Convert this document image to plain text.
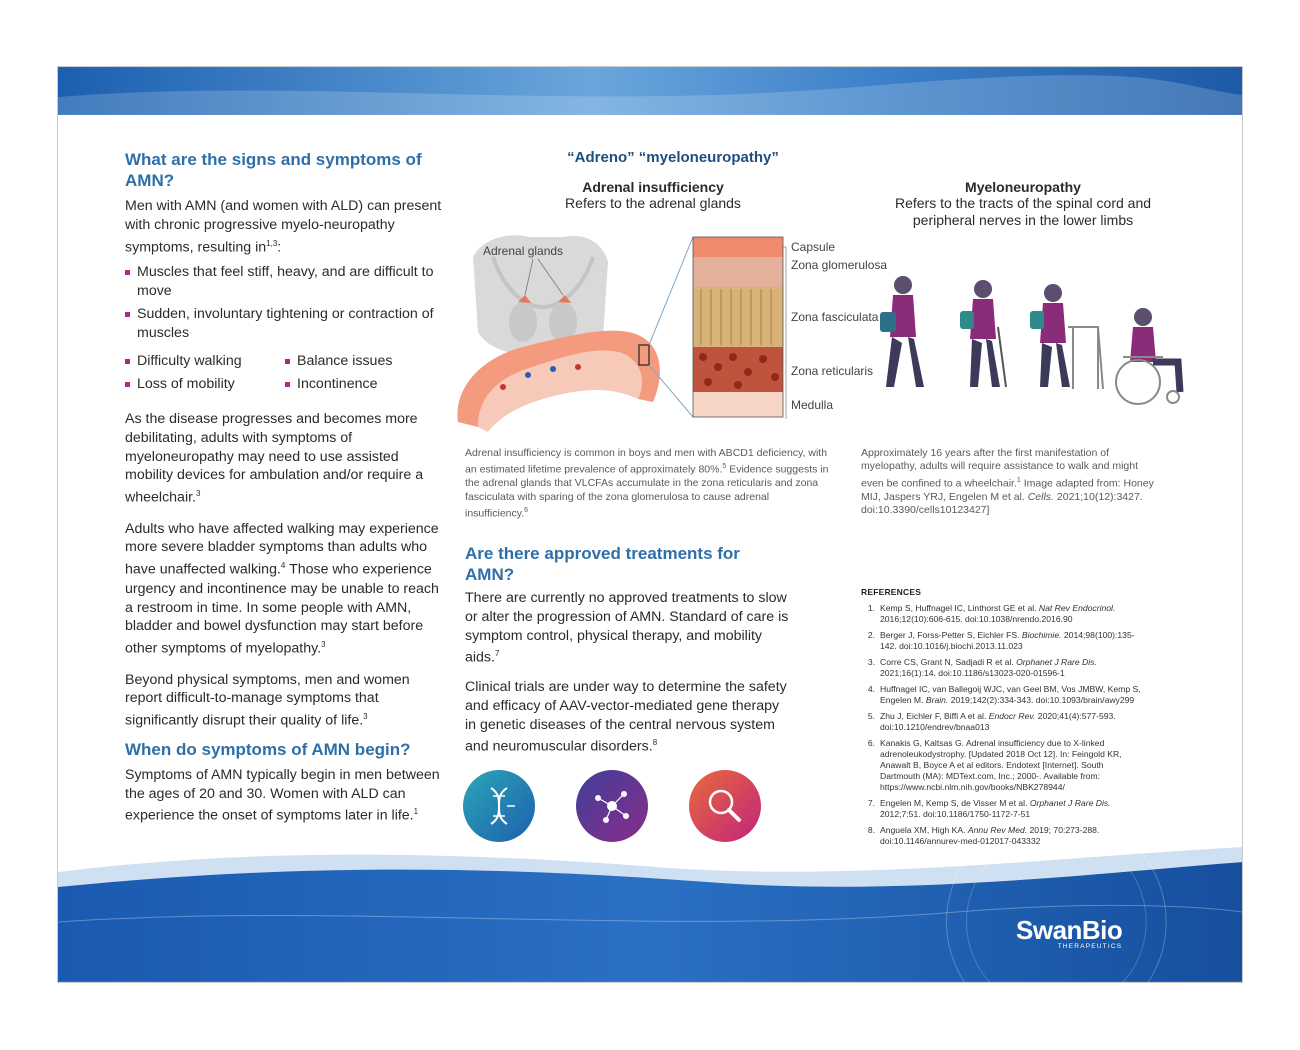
What are the signs and symptoms of AMN?
Men with AMN (and women with ALD) can present with chronic progressive myelo-neuropathy symptoms, resulting in$^{1,3}$:
Muscles that feel stiff, heavy, and are difficult to move
Sudden, involuntary tightening or contraction of muscles
Difficulty walking	Balance issues
Loss of mobility	Incontinence

As the disease progresses and becomes more debilitating, adults with symptoms of myeloneuropathy may need to use assisted mobility devices for ambulation and/or require a wheelchair.$^3$

Adults who have affected walking may experience more severe bladder symptoms than adults who have unaffected walking.$^4$ Those who experience urgency and incontinence may be unable to reach a restroom in time. In some people with AMN, bladder and bowel dysfunction may start before other symptoms of myelopathy.$^3$

Beyond physical symptoms, men and women report difficult-to-manage symptoms that significantly disrupt their quality of life.$^3$

When do symptoms of AMN begin?

Symptoms of AMN typically begin in men between the ages of 20 and 30. Women with ALD can experience the onset of symptoms later in life.$^1$

“Adreno” “myeloneuropathy”
Adrenal insufficiency
Refers to the adrenal glands
Myeloneuropathy
Refers to the tracts of the spinal cord and peripheral nerves in the lower limbs
Adrenal glands	Capsule
Zona glomerulosa
Zona fasciculata
Zona reticularis
Medulla
Adrenal insufficiency is common in boys and men with ABCD1 deficiency, with an estimated lifetime prevalence of approximately 80%.$^5$ Evidence suggests in the adrenal glands that VLCFAs accumulate in the zona reticularis and zona fasciculata with sparing of the zona glomerulosa to cause adrenal insufficiency.$^6$
Approximately 16 years after the first manifestation of myelopathy, adults will require assistance to walk and might even be confined to a wheelchair.$^1$ Image adapted from: Honey MIJ, Jaspers YRJ, Engelen M et al. Cells. 2021;10(12):3427. doi:10.3390/cells10123427]
Are there approved treatments for AMN?

There are currently no approved treatments to slow or alter the progression of AMN. Standard of care is symptom control, physical therapy, and mobility aids.$^7$

Clinical trials are under way to determine the safety and efficacy of AAV-vector-mediated gene therapy in genetic diseases of the central nervous system and neuromuscular disorders.$^8$

REFERENCES
1. Kemp S, Huffnagel IC, Linthorst GE et al. Nat Rev Endocrinol. 2016;12(10):606-615. doi:10.1038/nrendo.2016.90
2. Berger J, Forss-Petter S, Eichler FS. Biochimie. 2014;98(100):135-142. doi:10.1016/j.biochi.2013.11.023
3. Corre CS, Grant N, Sadjadi R et al. Orphanet J Rare Dis. 2021;16(1):14. doi:10.1186/s13023-020-01596-1
4. Huffnagel IC, van Ballegoij WJC, van Geel BM, Vos JMBW, Kemp S, Engelen M. Brain. 2019;142(2):334-343. doi:10.1093/brain/awy299
5. Zhu J, Eichler F, Biffi A et al. Endocr Rev. 2020;41(4):577-593. doi:10.1210/endrev/bnaa013
6. Kanakis G, Kaltsas G. Adrenal insufficiency due to X-linked adrenoleukodystrophy. [Updated 2018 Oct 12]. In: Feingold KR, Anawalt B, Boyce A et al editors. Endotext [Internet]. South Dartmouth (MA): MDText.com, Inc.; 2000-. Available from: https://www.ncbi.nlm.nih.gov/books/NBK278944/
7. Engelen M, Kemp S, de Visser M et al. Orphanet J Rare Dis. 2012;7:51. doi:10.1186/1750-1172-7-51
8. Anguela XM, High KA. Annu Rev Med. 2019; 70:273-288. doi:10.1146/annurev-med-012017-043332
SwanBio
THERAPEUTICS
